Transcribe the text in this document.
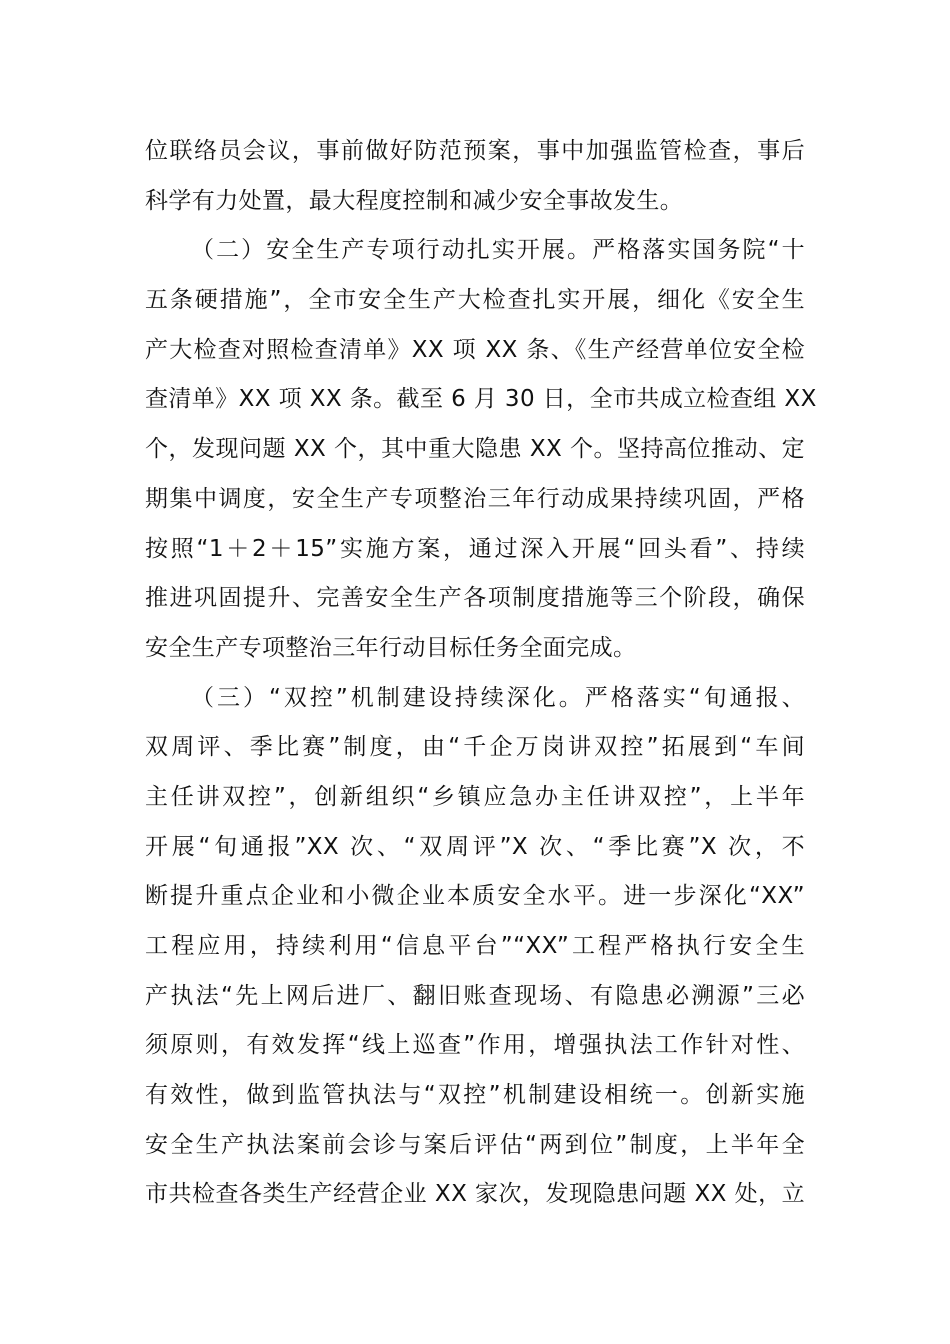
位联络员会议，事前做好防范预案，事中加强监管检查，事后
科学有力处置，最大程度控制和减少安全事故发生。
（二）安全生产专项行动扎实开展。严格落实国务院“十
五条硬措施”，全市安全生产大检查扎实开展，细化《安全生
产大检查对照检查清单》XX 项 XX 条、《生产经营单位安全检
查清单》XX 项 XX 条。截至 6 月 30 日，全市共成立检查组 XX
个，发现问题 XX 个，其中重大隐患 XX 个。坚持高位推动、定
期集中调度，安全生产专项整治三年行动成果持续巩固，严格
按照“1＋2＋15”实施方案，通过深入开展“回头看”、持续
推进巩固提升、完善安全生产各项制度措施等三个阶段，确保
安全生产专项整治三年行动目标任务全面完成。
（三）“双控”机制建设持续深化。严格落实“旬通报、
双周评、季比赛”制度，由“千企万岗讲双控”拓展到“车间
主任讲双控”，创新组织“乡镇应急办主任讲双控”，上半年
开展“旬通报”XX 次、“双周评”X 次、“季比赛”X 次，不
断提升重点企业和小微企业本质安全水平。进一步深化“XX”
工程应用，持续利用“信息平台”“XX”工程严格执行安全生
产执法“先上网后进厂、翻旧账查现场、有隐患必溯源”三必
须原则，有效发挥“线上巡查”作用，增强执法工作针对性、
有效性，做到监管执法与“双控”机制建设相统一。创新实施
安全生产执法案前会诊与案后评估“两到位”制度，上半年全
市共检查各类生产经营企业 XX 家次，发现隐患问题 XX 处，立
